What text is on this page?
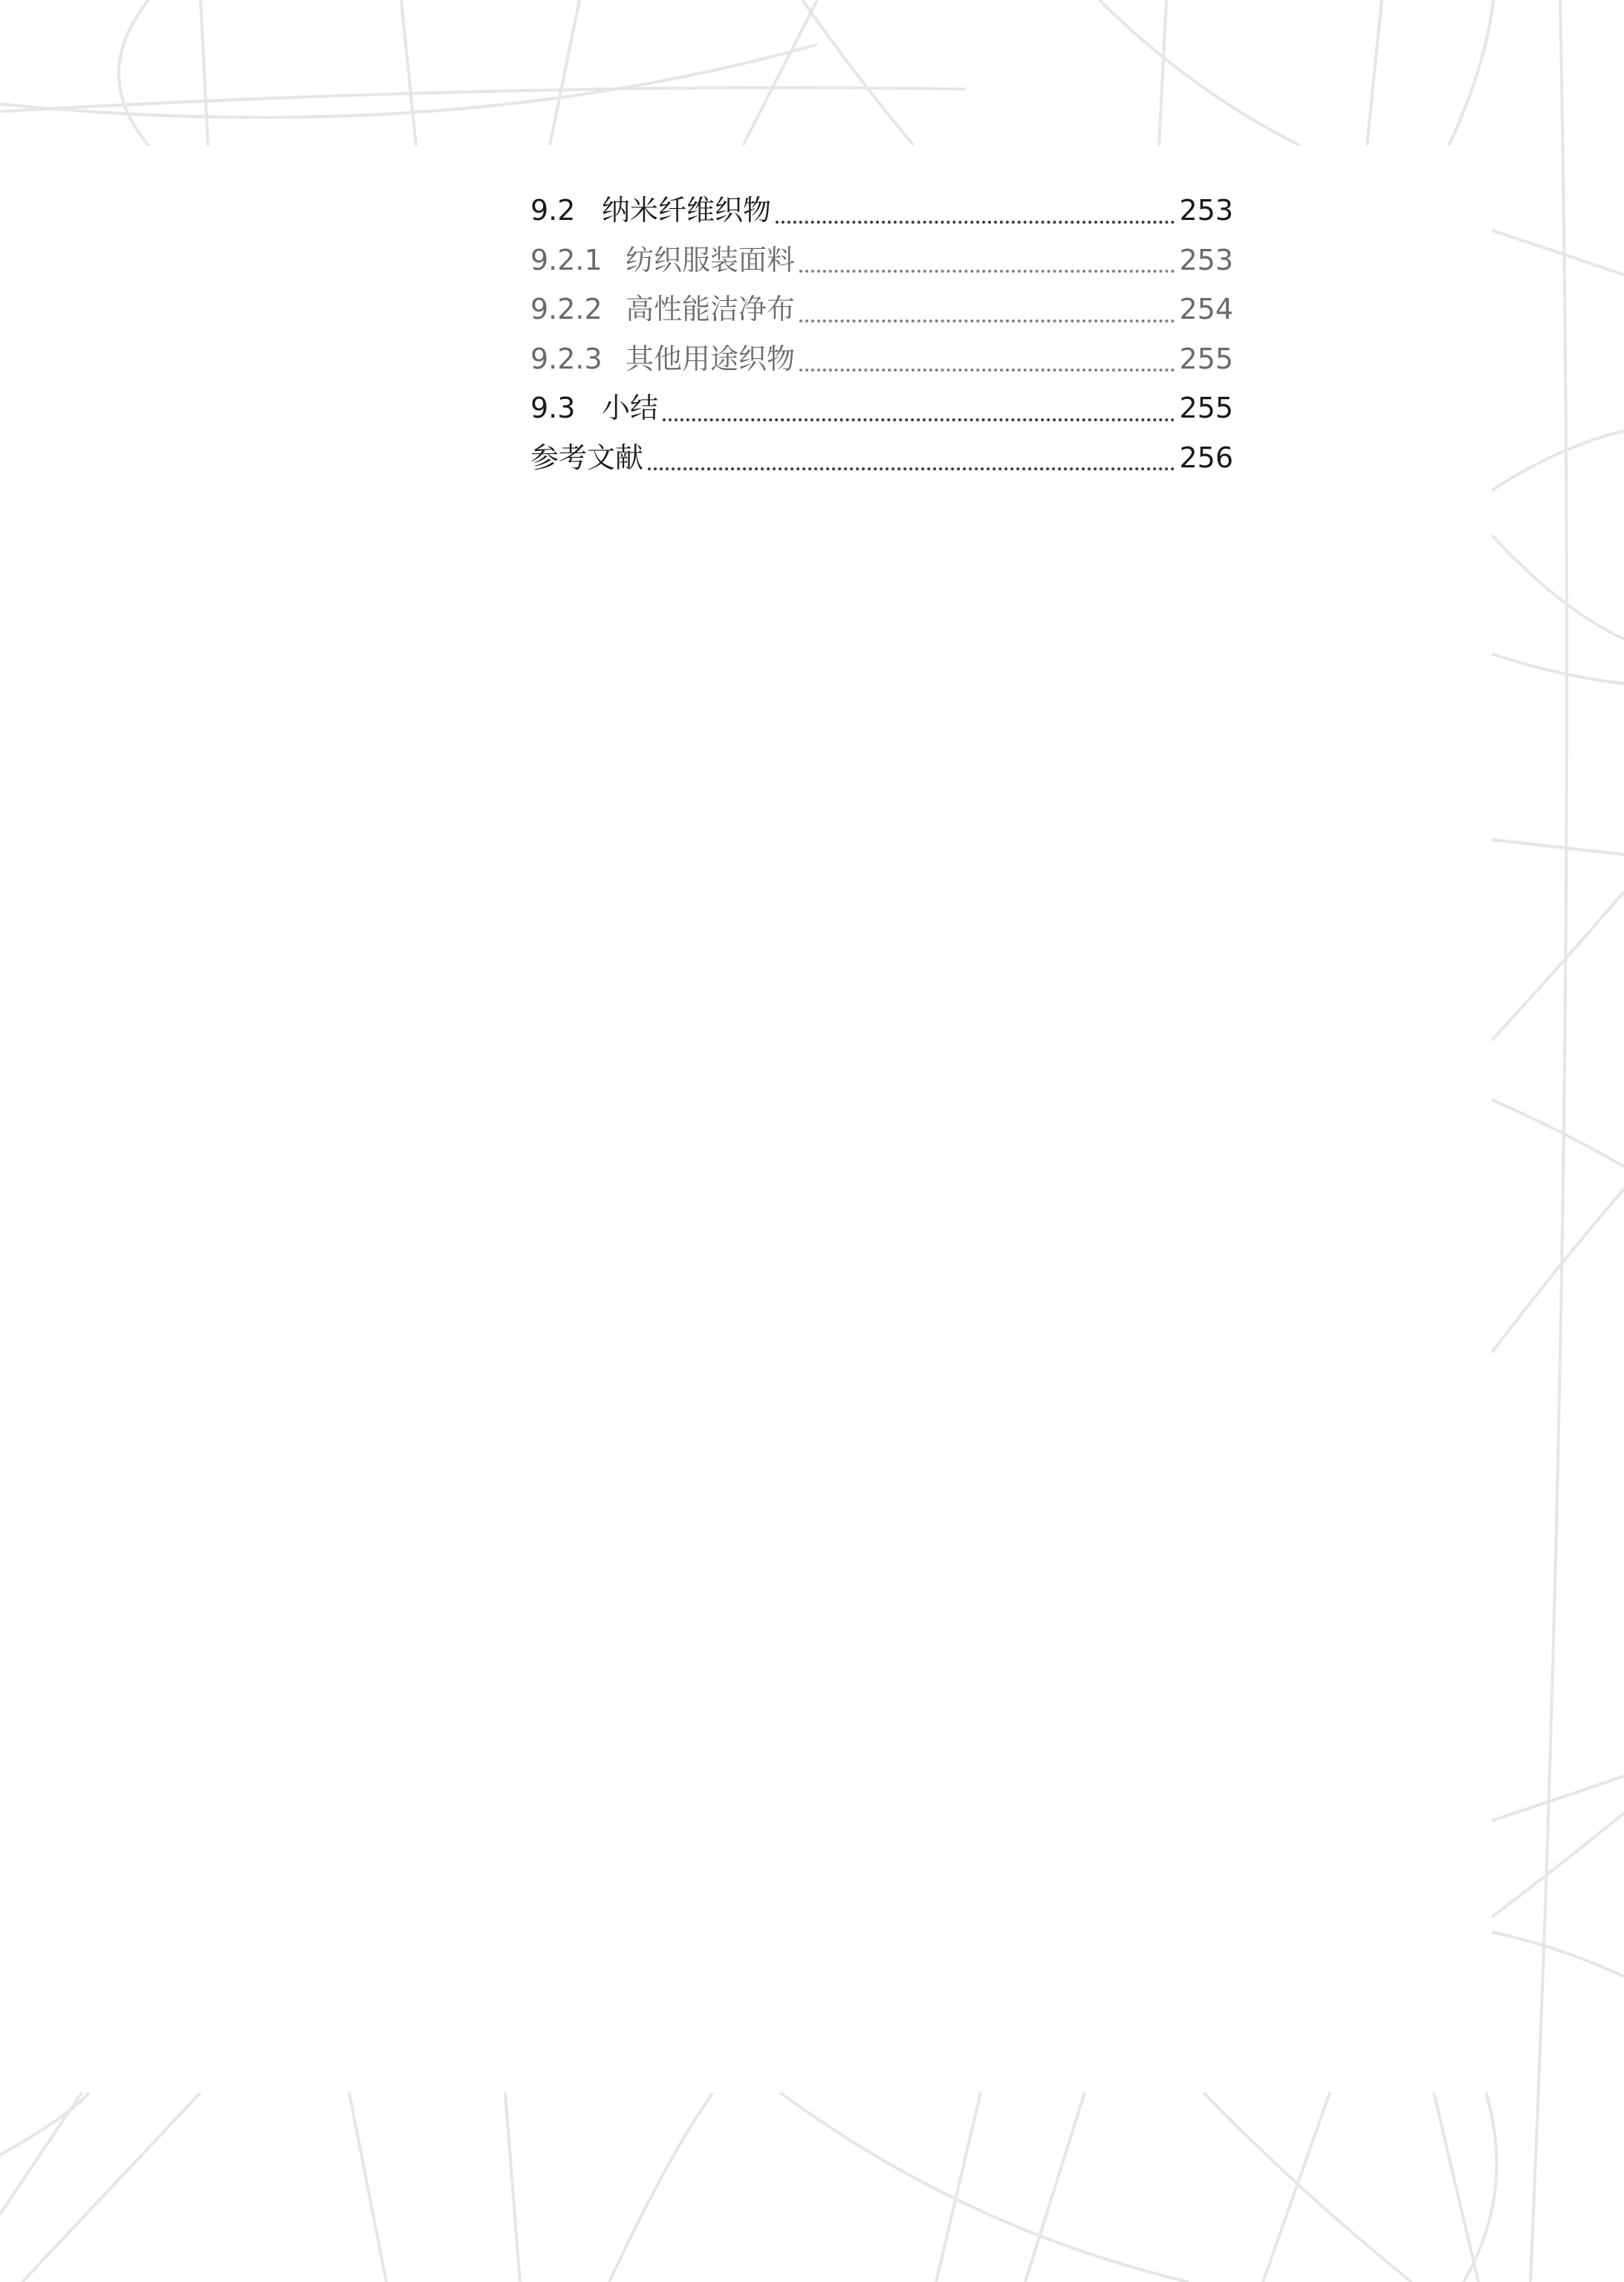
9.2 纳米纤维织物	253
9.2.1 纺织服装面料	253
9.2.2 高性能洁净布	254
9.2.3 其他用途织物	255
9.3 小结	255
参考文献	256
